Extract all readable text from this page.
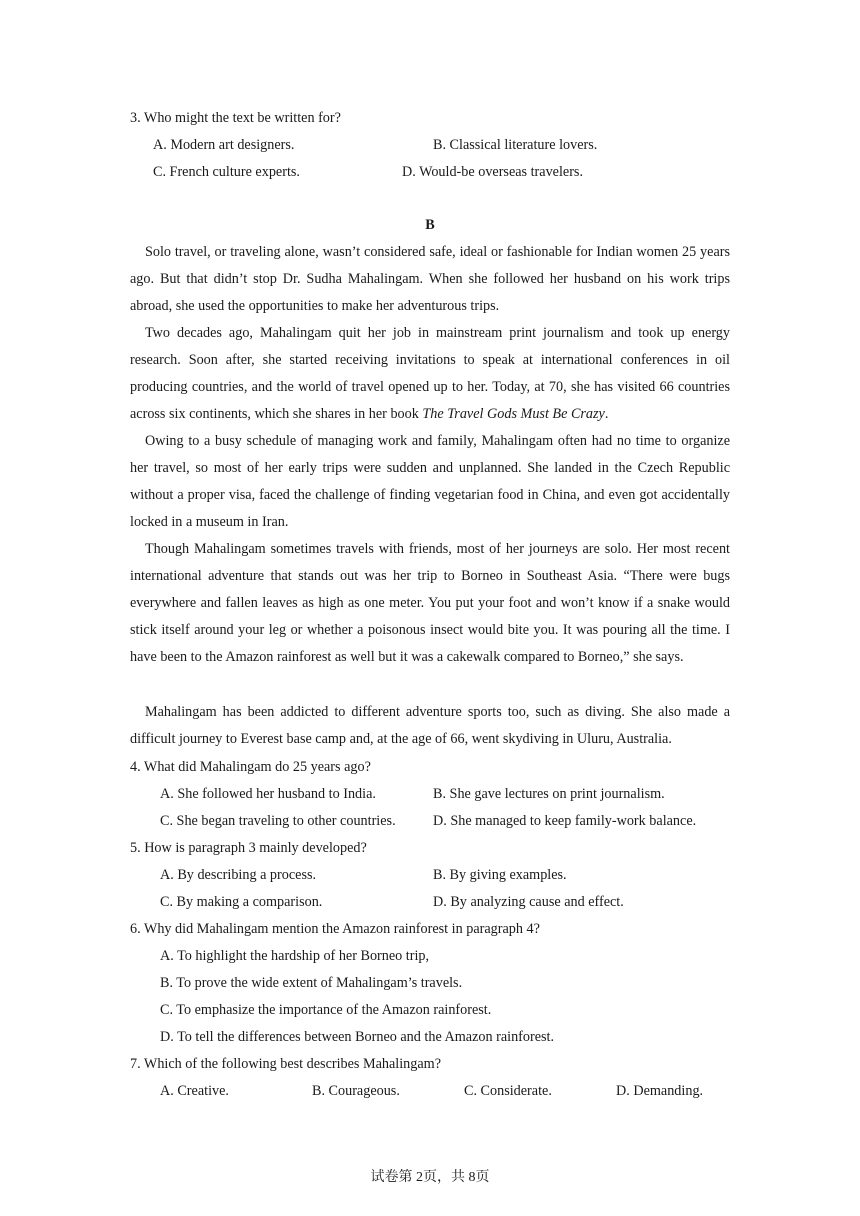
3. Who might the text be written for?
A. Modern art designers.	B. Classical literature lovers.
C. French culture experts.	D. Would-be overseas travelers.
B
Solo travel, or traveling alone, wasn’t considered safe, ideal or fashionable for Indian women 25 years ago. But that didn’t stop Dr. Sudha Mahalingam. When she followed her husband on his work trips abroad, she used the opportunities to make her adventurous trips.
Two decades ago, Mahalingam quit her job in mainstream print journalism and took up energy research. Soon after, she started receiving invitations to speak at international conferences in oil producing countries, and the world of travel opened up to her. Today, at 70, she has visited 66 countries across six continents, which she shares in her book The Travel Gods Must Be Crazy.
Owing to a busy schedule of managing work and family, Mahalingam often had no time to organize her travel, so most of her early trips were sudden and unplanned. She landed in the Czech Republic without a proper visa, faced the challenge of finding vegetarian food in China, and even got accidentally locked in a museum in Iran.
Though Mahalingam sometimes travels with friends, most of her journeys are solo. Her most recent international adventure that stands out was her trip to Borneo in Southeast Asia. “There were bugs everywhere and fallen leaves as high as one meter. You put your foot and won’t know if a snake would stick itself around your leg or whether a poisonous insect would bite you. It was pouring all the time. I have been to the Amazon rainforest as well but it was a cakewalk compared to Borneo,” she says.
Mahalingam has been addicted to different adventure sports too, such as diving. She also made a difficult journey to Everest base camp and, at the age of 66, went skydiving in Uluru, Australia.
4. What did Mahalingam do 25 years ago?
A. She followed her husband to India.	B. She gave lectures on print journalism.
C. She began traveling to other countries.	D. She managed to keep family-work balance.
5. How is paragraph 3 mainly developed?
A. By describing a process.	B. By giving examples.
C. By making a comparison.	D. By analyzing cause and effect.
6. Why did Mahalingam mention the Amazon rainforest in paragraph 4?
A. To highlight the hardship of her Borneo trip,
B. To prove the wide extent of Mahalingam’s travels.
C. To emphasize the importance of the Amazon rainforest.
D. To tell the differences between Borneo and the Amazon rainforest.
7. Which of the following best describes Mahalingam?
A. Creative.	B. Courageous.	C. Considerate.	D. Demanding.
试卷第 2页，共 8页
